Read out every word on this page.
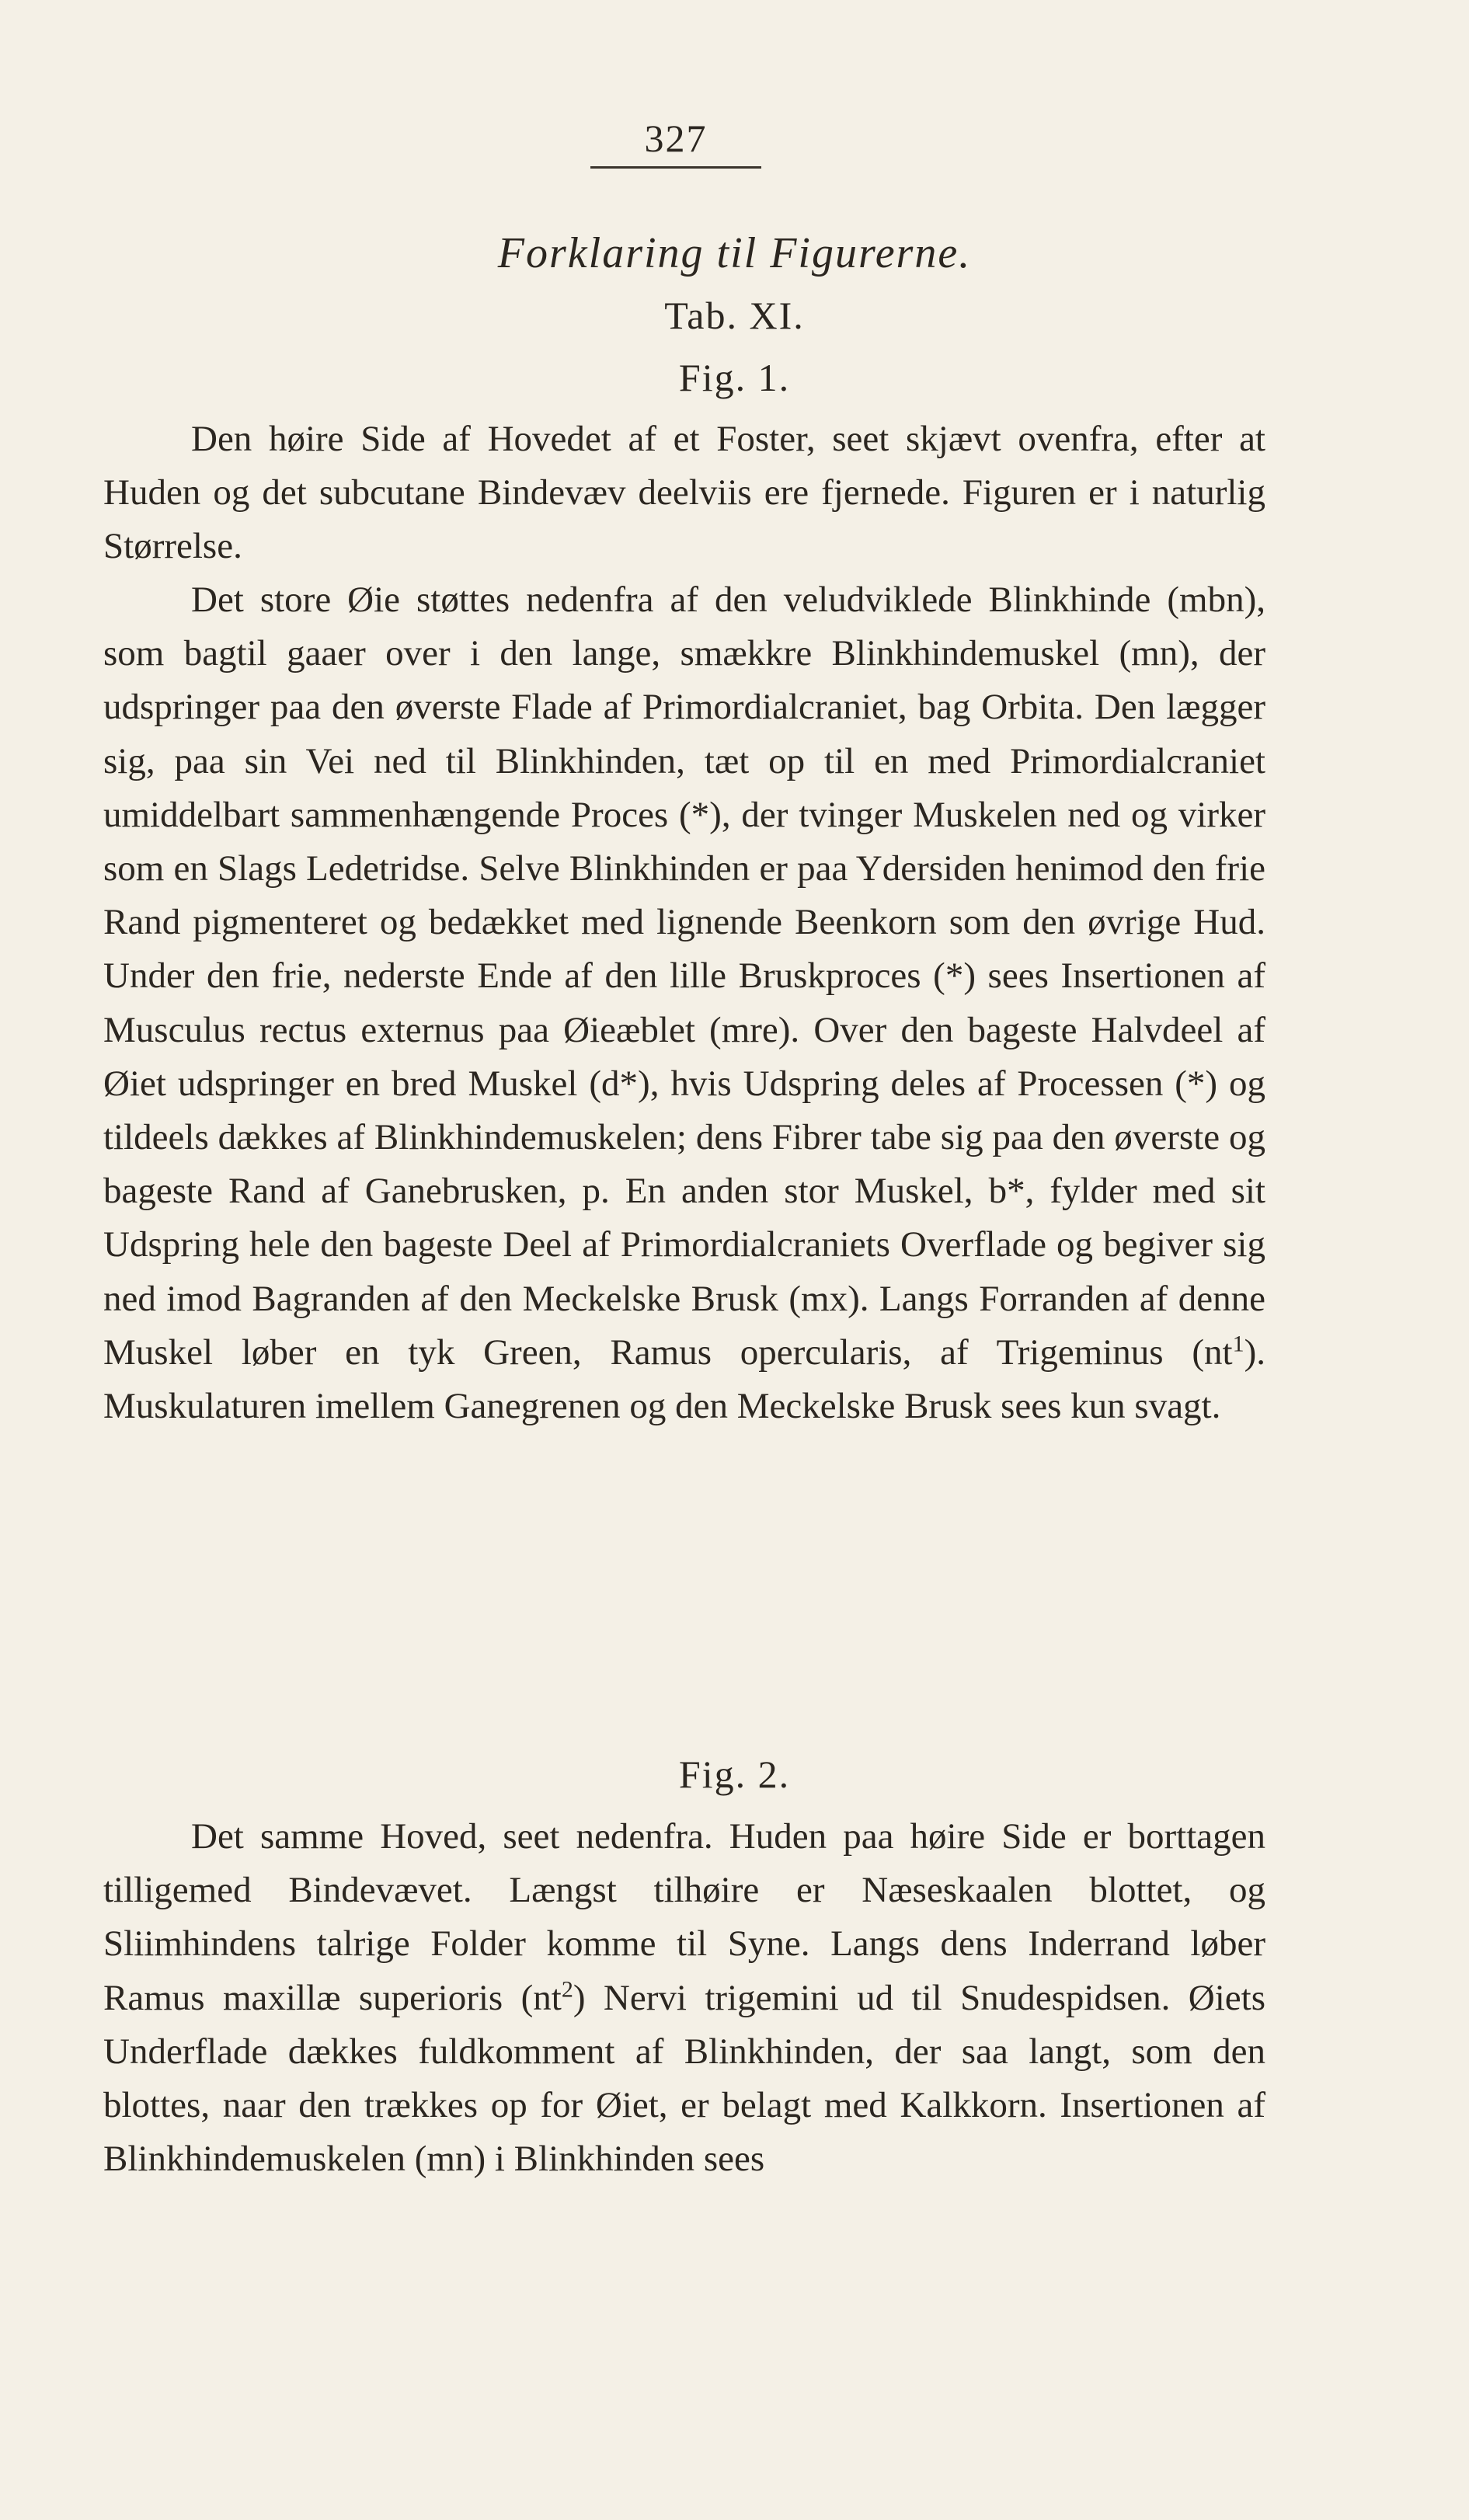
327
Forklaring til Figurerne.
Tab. XI.
Fig. 1.

Den høire Side af Hovedet af et Foster, seet skjævt ovenfra, efter at Huden og det subcutane Bindevæv deelviis ere fjernede. Figuren er i naturlig Størrelse.

Det store Øie støttes nedenfra af den veludviklede Blinkhinde (mbn), som bagtil gaaer over i den lange, smækkre Blinkhindemuskel (mn), der udspringer paa den øverste Flade af Primordialcraniet, bag Orbita. Den lægger sig, paa sin Vei ned til Blinkhinden, tæt op til en med Primordialcraniet umiddelbart sammenhængende Proces (*), der tvinger Muskelen ned og virker som en Slags Ledetridse. Selve Blinkhinden er paa Ydersiden henimod den frie Rand pigmenteret og bedækket med lignende Beenkorn som den øvrige Hud. Under den frie, nederste Ende af den lille Bruskproces (*) sees Insertionen af Musculus rectus externus paa Øieæblet (mre). Over den bageste Halvdeel af Øiet udspringer en bred Muskel (d*), hvis Udspring deles af Processen (*) og tildeels dækkes af Blinkhindemuskelen; dens Fibrer tabe sig paa den øverste og bageste Rand af Ganebrusken, p. En anden stor Muskel, b*, fylder med sit Udspring hele den bageste Deel af Primordialcraniets Overflade og begiver sig ned imod Bagranden af den Meckelske Brusk (mx). Langs Forranden af denne Muskel løber en tyk Green, Ramus opercularis, af Trigeminus $(nt^1)$. Muskulaturen imellem Ganegrenen og den Meckelske Brusk sees kun svagt.

Fig. 2.

Det samme Hoved, seet nedenfra. Huden paa høire Side er borttagen tilligemed Bindevævet. Længst tilhøire er Næseskaalen blottet, og Sliimhindens talrige Folder komme til Syne. Langs dens Inderrand løber Ramus maxillæ superioris $(nt^2)$ Nervi trigemini ud til Snudespidsen. Øiets Underflade dækkes fuldkomment af Blinkhinden, der saa langt, som den blottes, naar den trækkes op for Øiet, er belagt med Kalkkorn. Insertionen af Blinkhindemuskelen (mn) i Blinkhinden sees
